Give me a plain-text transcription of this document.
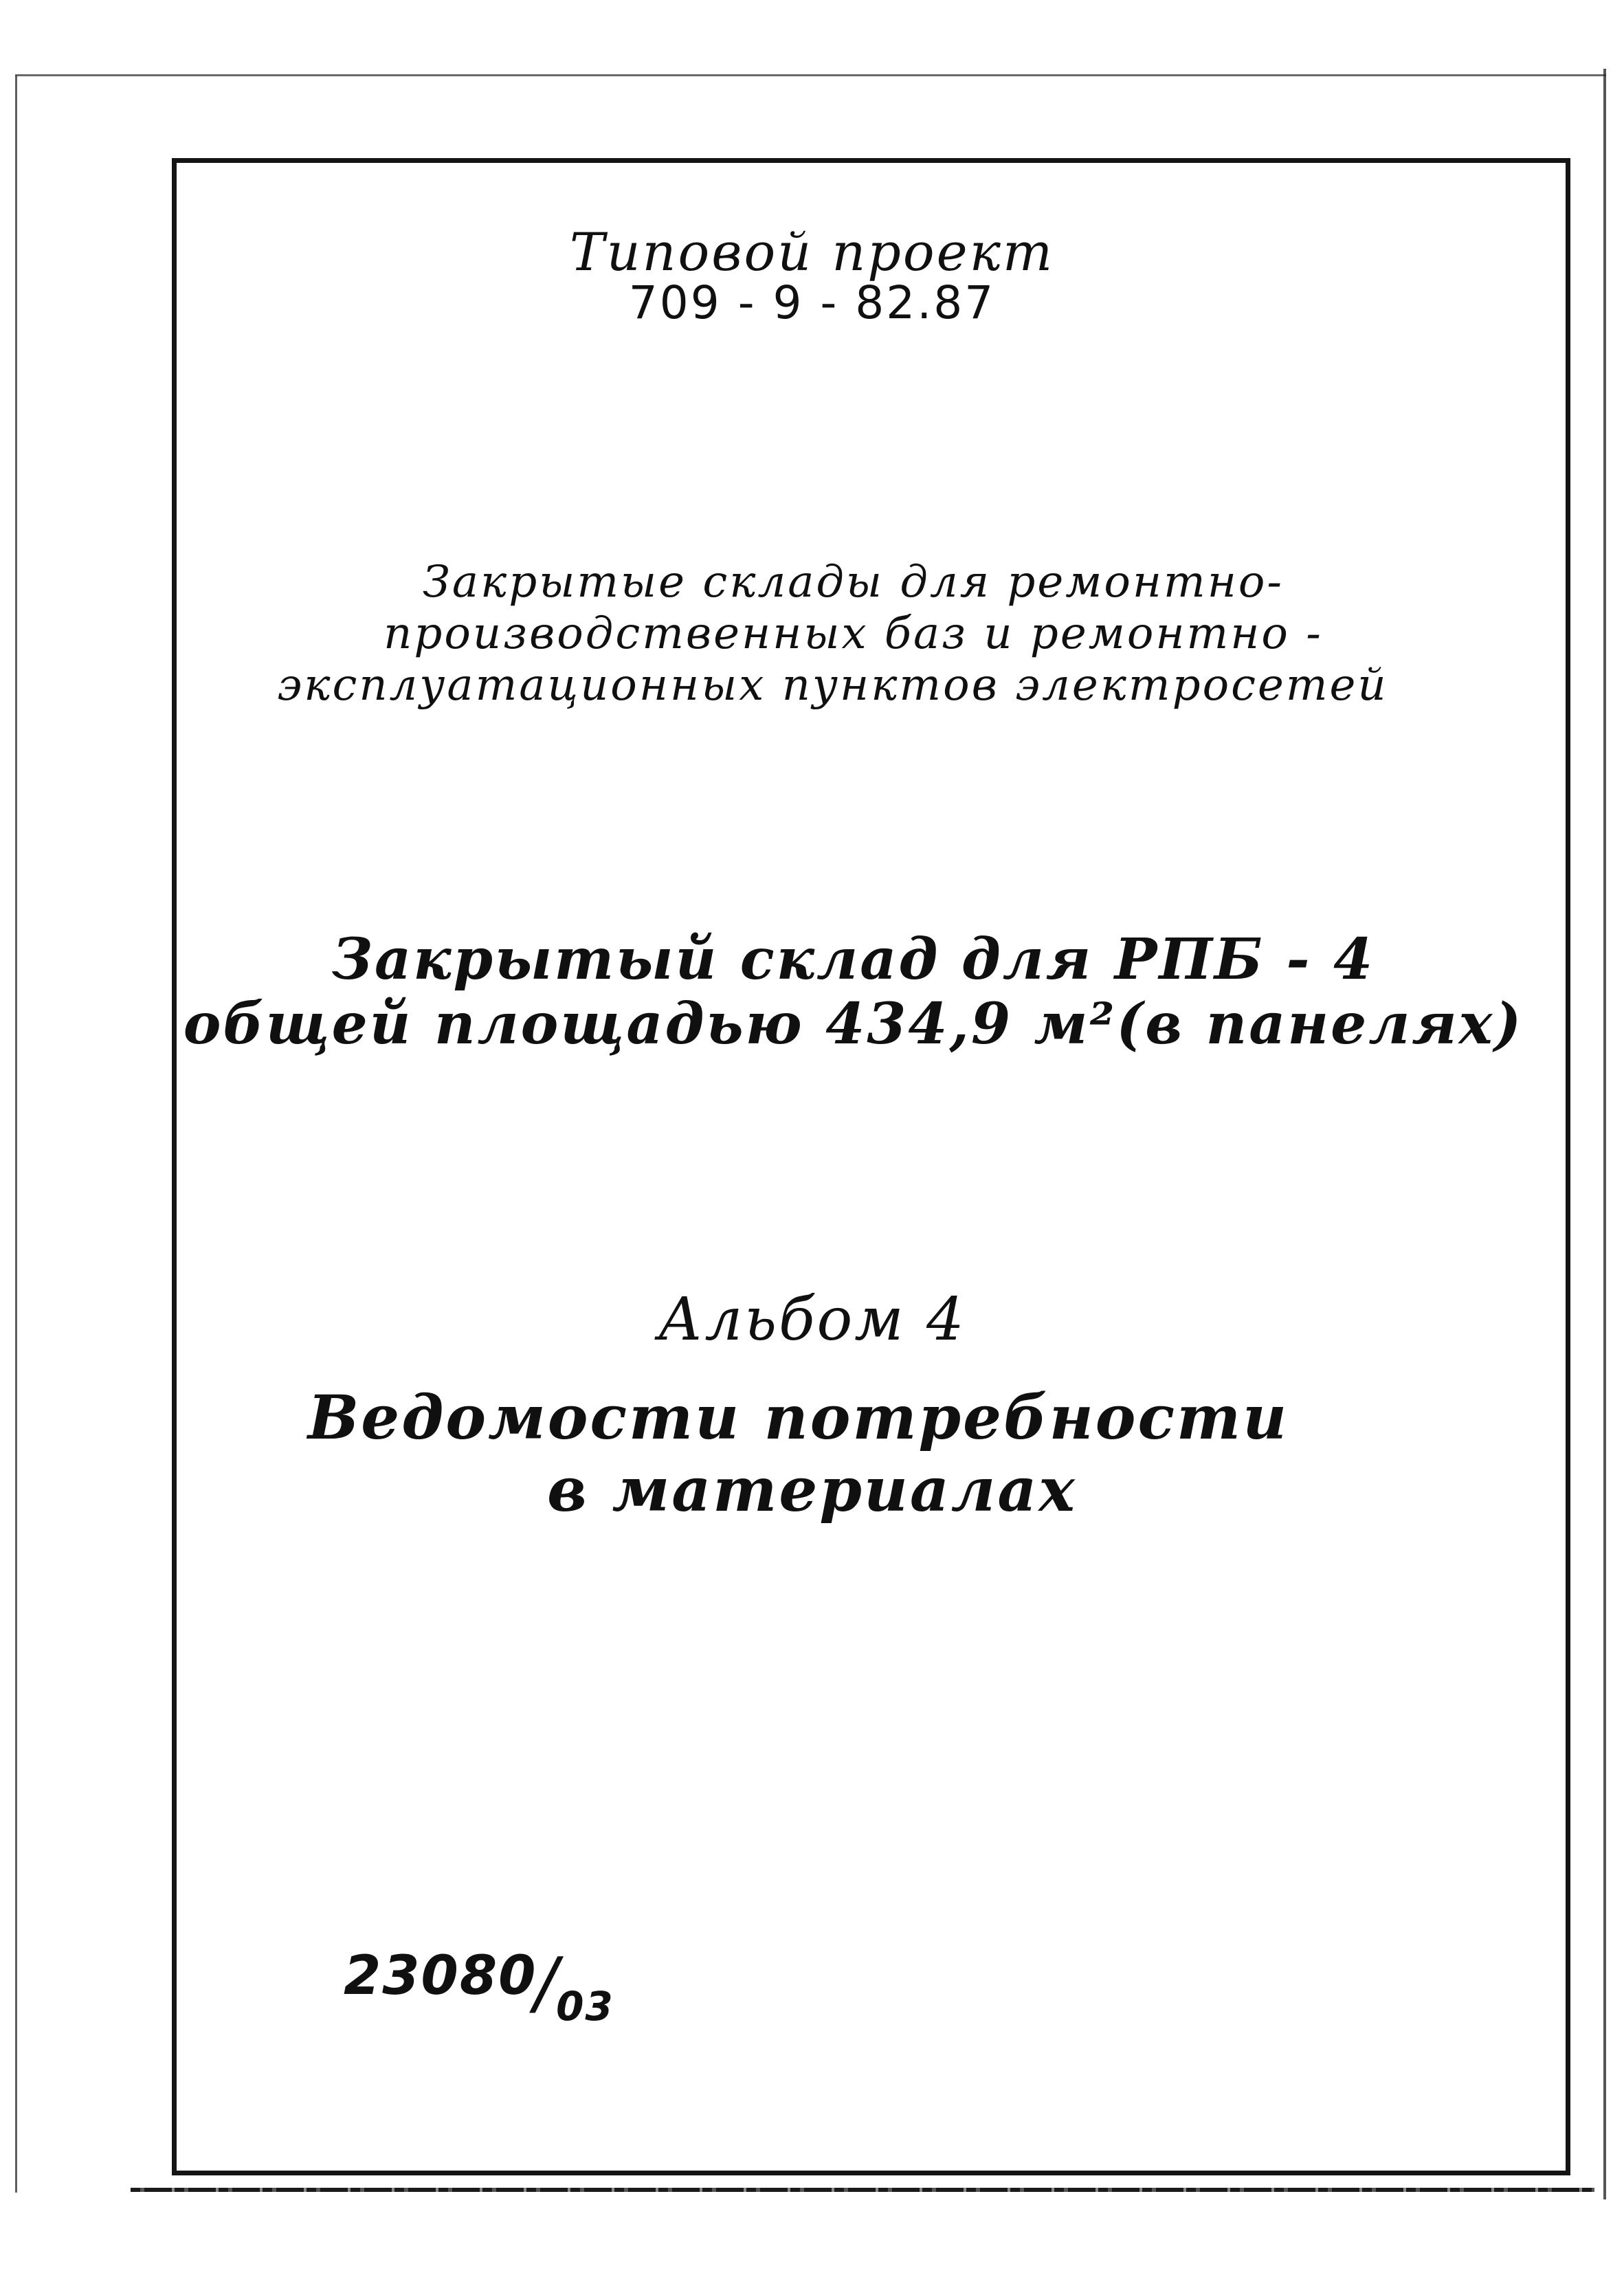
Типовой проект
709 - 9 - 82.87
Закрытые склады для ремонтно-
производственных баз и ремонтно -
эксплуатационных пунктов электросетей
Закрытый склад для РПБ - 4
общей площадью 434,9 м²(в панелях)
Альбом 4
Ведомости потребности
в материалах
23080/03
